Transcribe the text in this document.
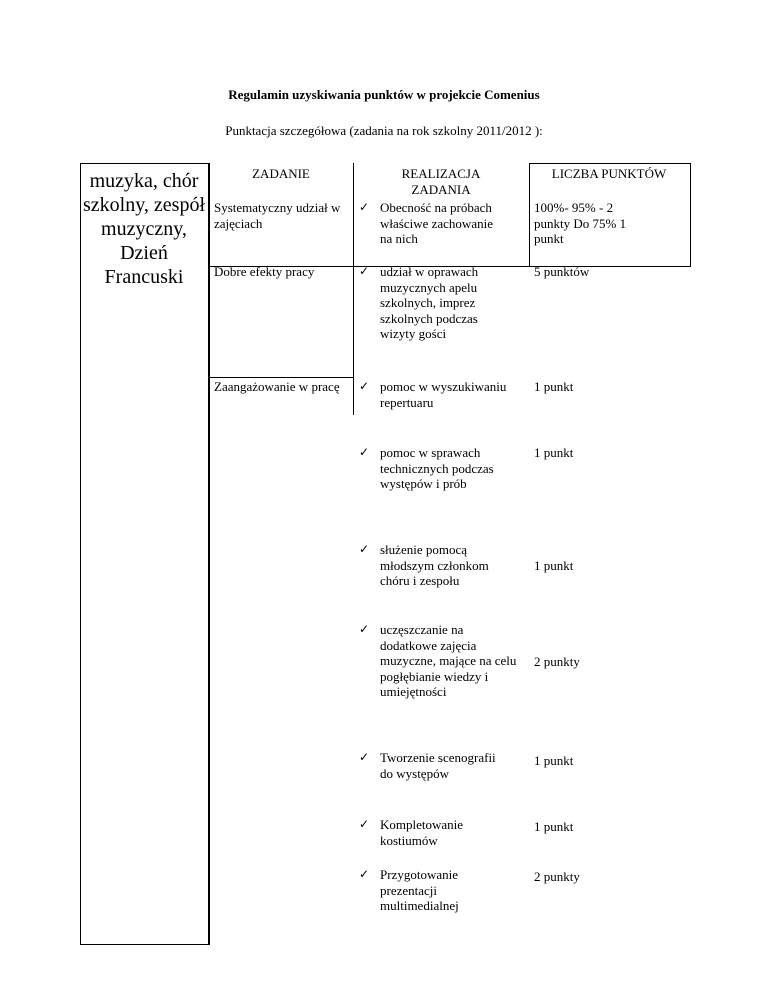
Regulamin uzyskiwania punktów w projekcie Comenius
Punktacja szczegółowa (zadania na rok szkolny 2011/2012 ):
muzyka, chór szkolny, zespół muzyczny, Dzień Francuski
ZADANIE	REALIZACJA ZADANIA
LICZBA PUNKTÓW
Systematyczny udział w zajęciach
Dobre efekty pracy
Zaangażowanie w pracę
✓ Obecność na próbach właściwe zachowanie na nich
✓ udział w oprawach muzycznych apelu szkolnych, imprez szkolnych podczas wizyty gości
✓ pomoc w wyszukiwaniu repertuaru
✓ pomoc w sprawach technicznych podczas występów i prób
✓ służenie pomocą młodszym członkom chóru i zespołu
✓ uczęszczanie na dodatkowe zajęcia muzyczne, mające na celu pogłębianie wiedzy i umiejętności
✓ Tworzenie scenografii do występów
✓ Kompletowanie kostiumów
✓ Przygotowanie prezentacji multimedialnej
100%- 95% - 2 punkty Do 75% 1 punkt
5 punktów
1 punkt
1 punkt
1 punkt
2 punkty
1 punkt
1 punkt
2 punkty
